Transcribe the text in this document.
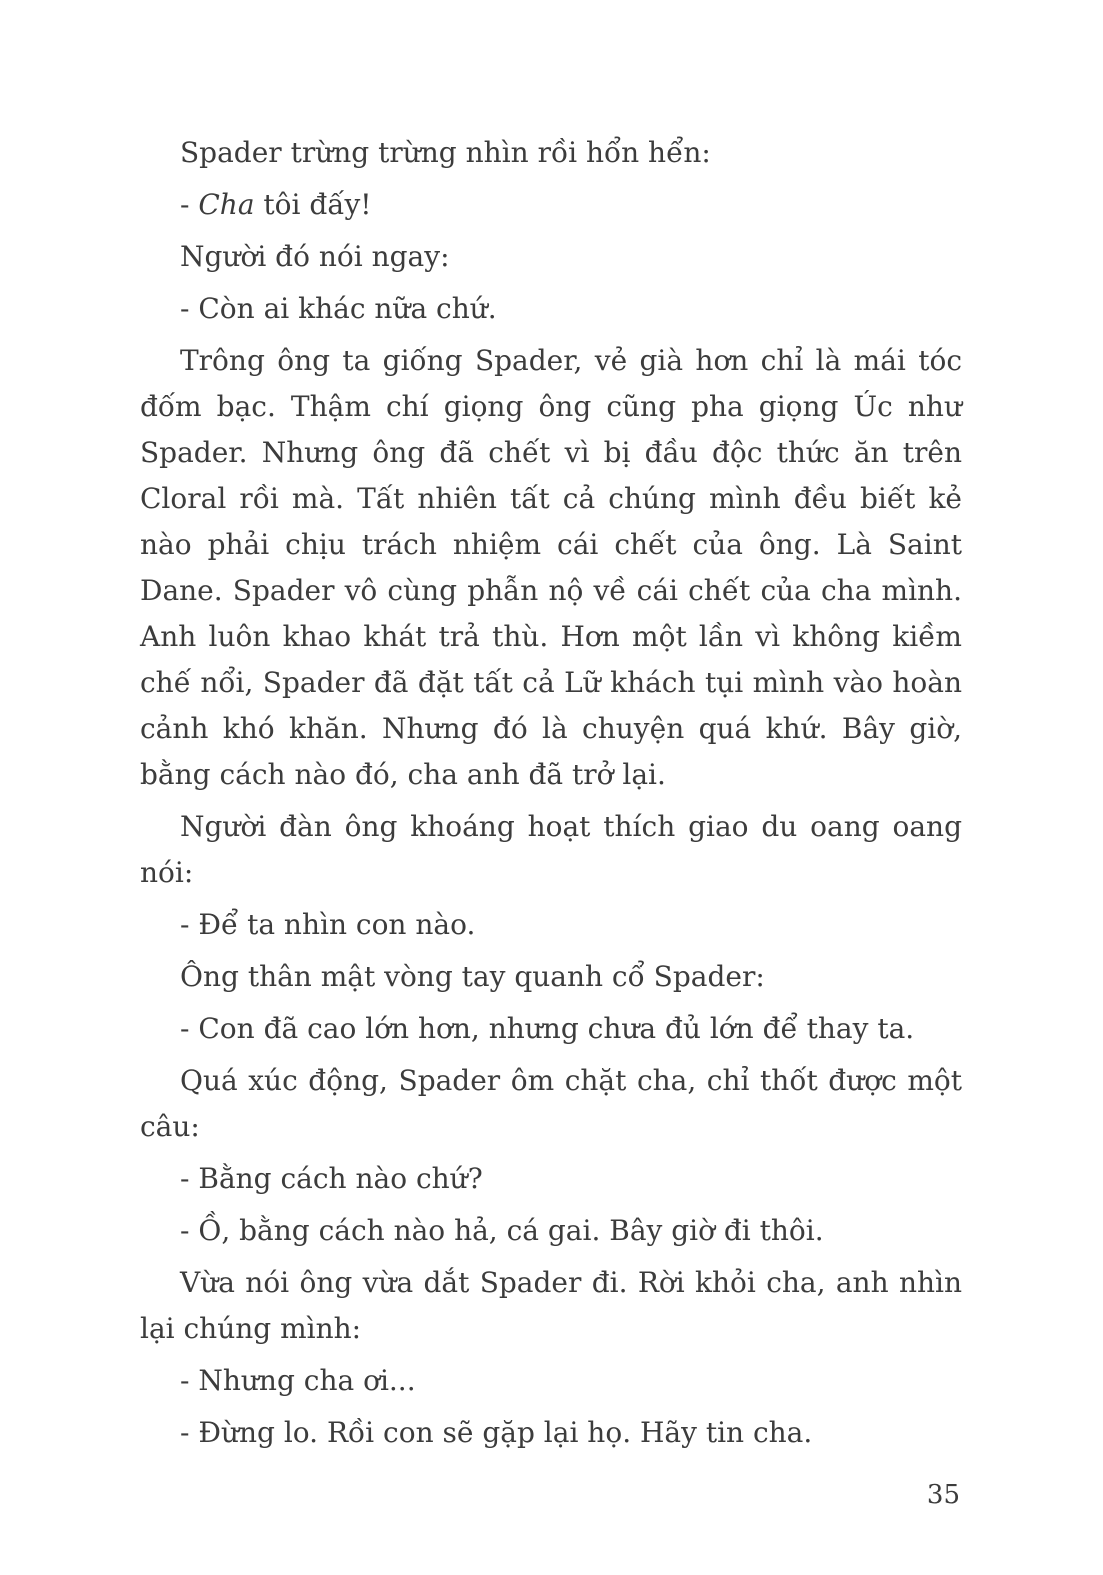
Spader trừng trừng nhìn rồi hổn hển:

- Cha tôi đấy!

Người đó nói ngay:

- Còn ai khác nữa chứ.

Trông ông ta giống Spader, vẻ già hơn chỉ là mái tóc đốm bạc. Thậm chí giọng ông cũng pha giọng Úc như Spader. Nhưng ông đã chết vì bị đầu độc thức ăn trên Cloral rồi mà. Tất nhiên tất cả chúng mình đều biết kẻ nào phải chịu trách nhiệm cái chết của ông. Là Saint Dane. Spader vô cùng phẫn nộ về cái chết của cha mình. Anh luôn khao khát trả thù. Hơn một lần vì không kiềm chế nổi, Spader đã đặt tất cả Lữ khách tụi mình vào hoàn cảnh khó khăn. Nhưng đó là chuyện quá khứ. Bây giờ, bằng cách nào đó, cha anh đã trở lại.

Người đàn ông khoáng hoạt thích giao du oang oang nói:

- Để ta nhìn con nào.

Ông thân mật vòng tay quanh cổ Spader:

- Con đã cao lớn hơn, nhưng chưa đủ lớn để thay ta.

Quá xúc động, Spader ôm chặt cha, chỉ thốt được một câu:

- Bằng cách nào chứ?

- Ồ, bằng cách nào hả, cá gai. Bây giờ đi thôi.

Vừa nói ông vừa dắt Spader đi. Rời khỏi cha, anh nhìn lại chúng mình:

- Nhưng cha ơi...

- Đừng lo. Rồi con sẽ gặp lại họ. Hãy tin cha.

35
